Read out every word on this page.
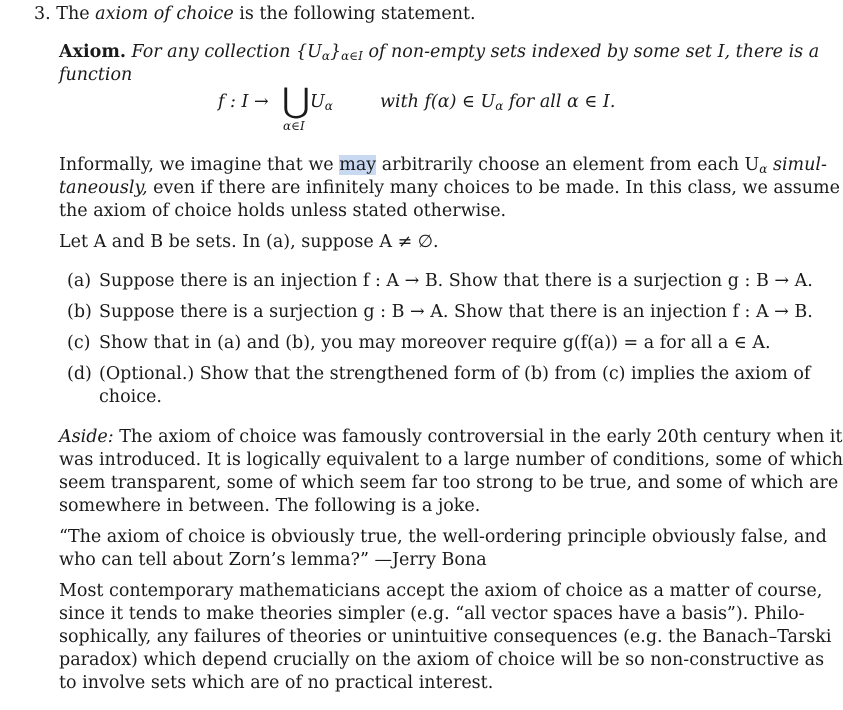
3. The axiom of choice is the following statement.
Axiom. For any collection $\{U_\alpha\}_{\alpha\in I}$ of non-empty sets indexed by some set I, there is a
function
f : I → ⋃ $U_\alpha$
α∈I
with f(α) ∈ $U_\alpha$ for all α ∈ I.
Informally, we imagine that we may arbitrarily choose an element from each $U_\alpha$ simul-
taneously, even if there are infinitely many choices to be made. In this class, we assume
the axiom of choice holds unless stated otherwise.
Let A and B be sets. In (a), suppose A ≠ ∅.
(a) Suppose there is an injection f : A → B. Show that there is a surjection g : B → A.
(b) Suppose there is a surjection g : B → A. Show that there is an injection f : A → B.
(c) Show that in (a) and (b), you may moreover require g(f(a)) = a for all a ∈ A.
(d) (Optional.) Show that the strengthened form of (b) from (c) implies the axiom of
choice.
Aside: The axiom of choice was famously controversial in the early 20th century when it
was introduced. It is logically equivalent to a large number of conditions, some of which
seem transparent, some of which seem far too strong to be true, and some of which are
somewhere in between. The following is a joke.
“The axiom of choice is obviously true, the well-ordering principle obviously false, and
who can tell about Zorn’s lemma?” —Jerry Bona
Most contemporary mathematicians accept the axiom of choice as a matter of course,
since it tends to make theories simpler (e.g. “all vector spaces have a basis”). Philo-
sophically, any failures of theories or unintuitive consequences (e.g. the Banach–Tarski
paradox) which depend crucially on the axiom of choice will be so non-constructive as
to involve sets which are of no practical interest.
